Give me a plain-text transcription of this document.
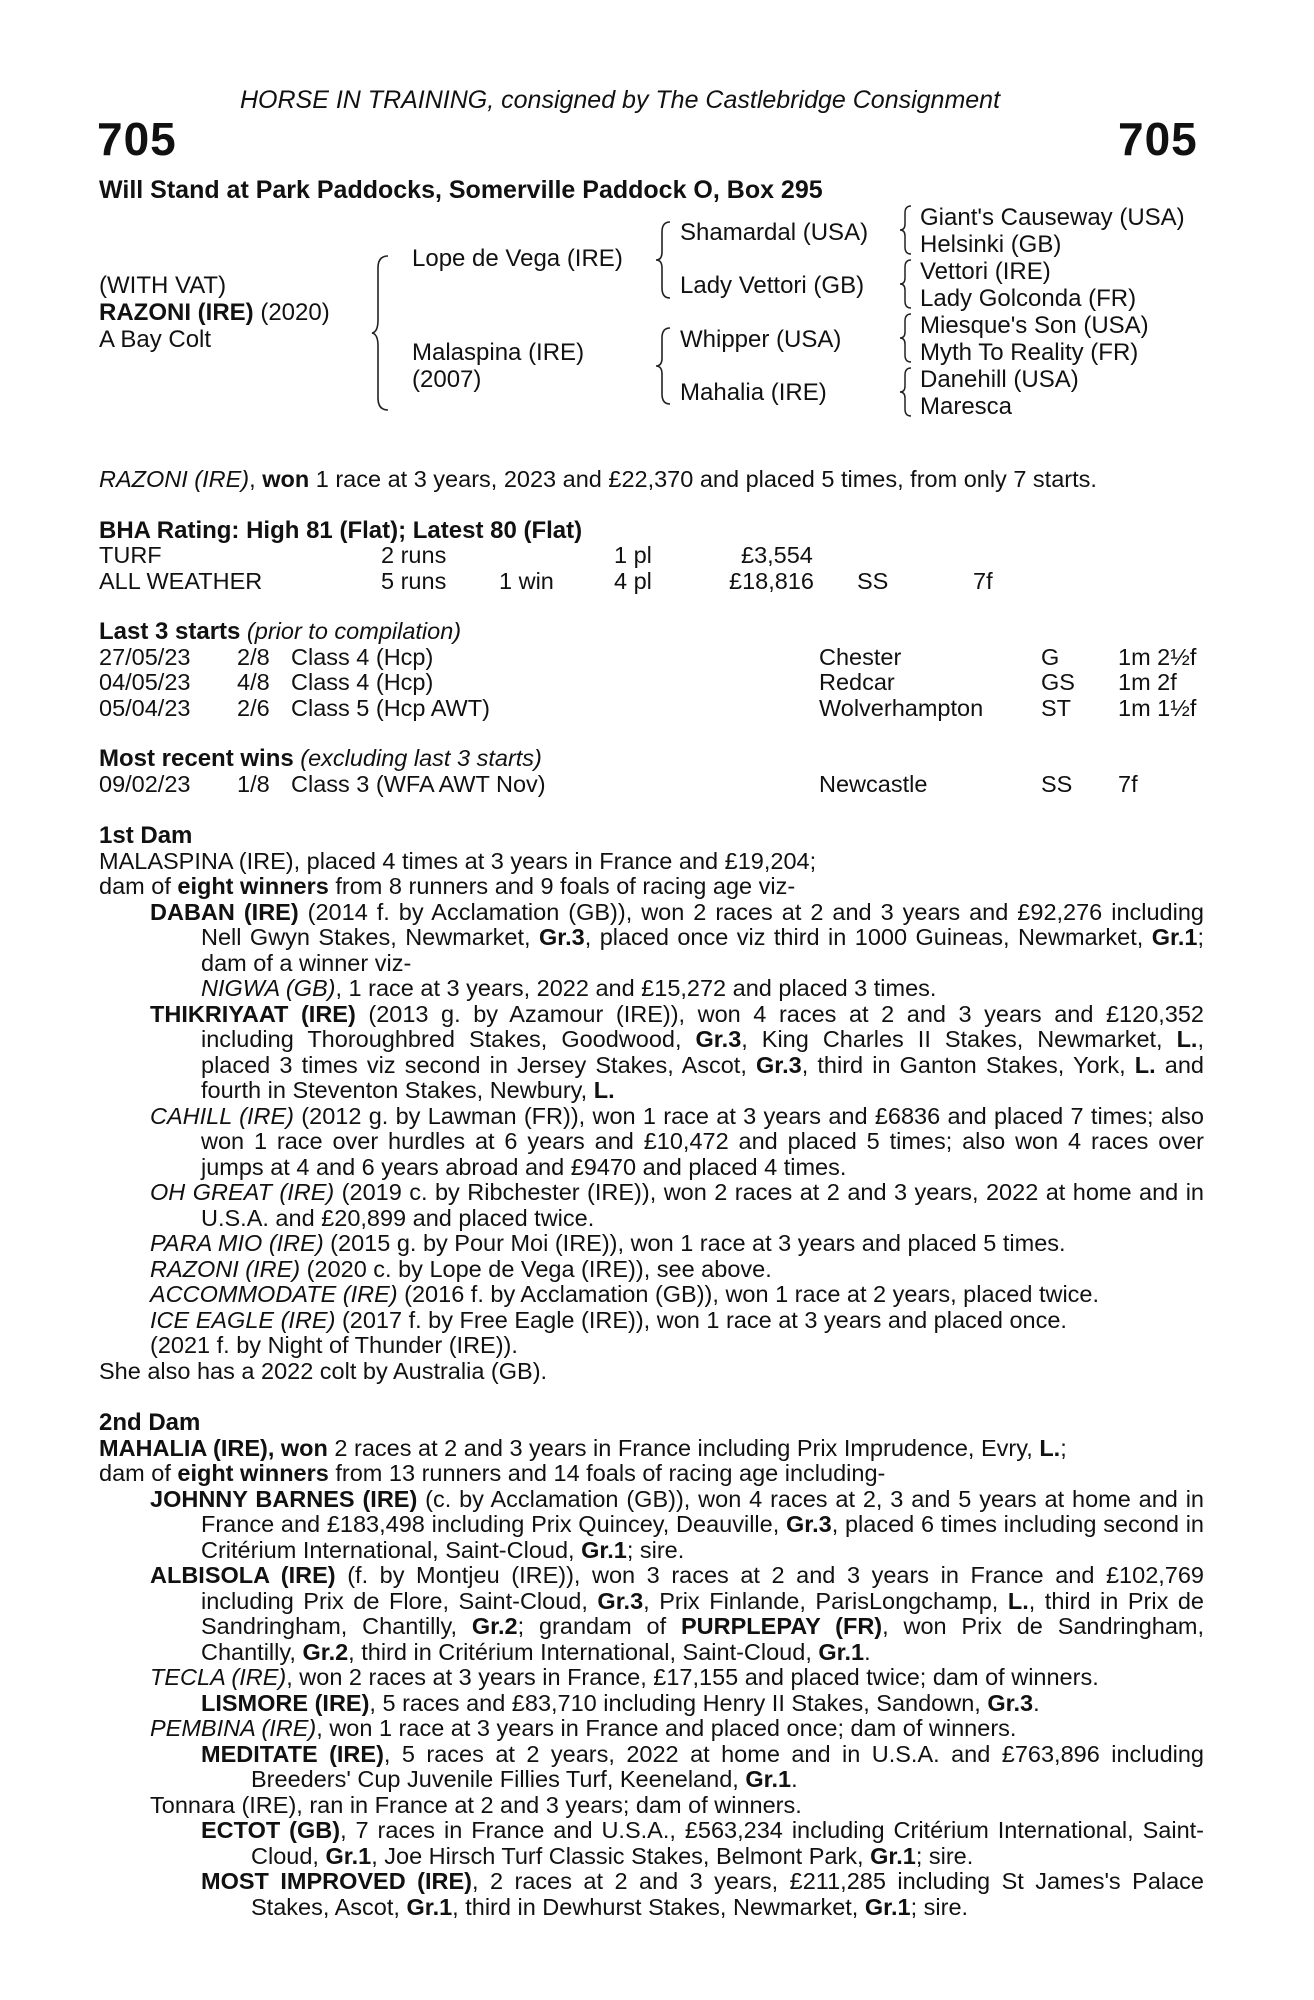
HORSE IN TRAINING, consigned by The Castlebridge Consignment
705	705
Will Stand at Park Paddocks, Somerville Paddock O, Box 295
(WITH VAT)
RAZONI (IRE) (2020)
A Bay Colt
Lope de Vega (IRE)
Malaspina (IRE)
(2007)
Shamardal (USA)
Lady Vettori (GB)
Whipper (USA)
Mahalia (IRE)
Giant's Causeway (USA)
Helsinki (GB)
Vettori (IRE)
Lady Golconda (FR)
Miesque's Son (USA)
Myth To Reality (FR)
Danehill (USA)
Maresca
RAZONI (IRE), won 1 race at 3 years, 2023 and £22,370 and placed 5 times, from only 7 starts.
BHA Rating: High 81 (Flat); Latest 80 (Flat)
TURF	2 runs	1 pl	£3,554
ALL WEATHER	5 runs 1 win	4 pl	£18,816 SS	7f
Last 3 starts (prior to compilation)
27/05/23 2/8 Class 4 (Hcp)	Chester	G 1m 2½f
04/05/23 4/8 Class 4 (Hcp)	Redcar	GS 1m 2f
05/04/23 2/6 Class 5 (Hcp AWT)	Wolverhampton ST 1m 1½f
Most recent wins (excluding last 3 starts)
09/02/23 1/8 Class 3 (WFA AWT Nov)	Newcastle	SS 7f
1st Dam
MALASPINA (IRE), placed 4 times at 3 years in France and £19,204;
dam of eight winners from 8 runners and 9 foals of racing age viz-
DABAN (IRE) (2014 f. by Acclamation (GB)), won 2 races at 2 and 3 years and £92,276 including Nell Gwyn Stakes, Newmarket, Gr.3, placed once viz third in 1000 Guineas, Newmarket, Gr.1; dam of a winner viz-
NIGWA (GB), 1 race at 3 years, 2022 and £15,272 and placed 3 times.
THIKRIYAAT (IRE) (2013 g. by Azamour (IRE)), won 4 races at 2 and 3 years and £120,352 including Thoroughbred Stakes, Goodwood, Gr.3, King Charles II Stakes, Newmarket, L., placed 3 times viz second in Jersey Stakes, Ascot, Gr.3, third in Ganton Stakes, York, L. and fourth in Steventon Stakes, Newbury, L.
CAHILL (IRE) (2012 g. by Lawman (FR)), won 1 race at 3 years and £6836 and placed 7 times; also won 1 race over hurdles at 6 years and £10,472 and placed 5 times; also won 4 races over jumps at 4 and 6 years abroad and £9470 and placed 4 times.
OH GREAT (IRE) (2019 c. by Ribchester (IRE)), won 2 races at 2 and 3 years, 2022 at home and in U.S.A. and £20,899 and placed twice.
PARA MIO (IRE) (2015 g. by Pour Moi (IRE)), won 1 race at 3 years and placed 5 times.
RAZONI (IRE) (2020 c. by Lope de Vega (IRE)), see above.
ACCOMMODATE (IRE) (2016 f. by Acclamation (GB)), won 1 race at 2 years, placed twice.
ICE EAGLE (IRE) (2017 f. by Free Eagle (IRE)), won 1 race at 3 years and placed once.
(2021 f. by Night of Thunder (IRE)).
She also has a 2022 colt by Australia (GB).
2nd Dam
MAHALIA (IRE), won 2 races at 2 and 3 years in France including Prix Imprudence, Evry, L.;
dam of eight winners from 13 runners and 14 foals of racing age including-
JOHNNY BARNES (IRE) (c. by Acclamation (GB)), won 4 races at 2, 3 and 5 years at home and in France and £183,498 including Prix Quincey, Deauville, Gr.3, placed 6 times including second in Critérium International, Saint-Cloud, Gr.1; sire.
ALBISOLA (IRE) (f. by Montjeu (IRE)), won 3 races at 2 and 3 years in France and £102,769 including Prix de Flore, Saint-Cloud, Gr.3, Prix Finlande, ParisLongchamp, L., third in Prix de Sandringham, Chantilly, Gr.2; grandam of PURPLEPAY (FR), won Prix de Sandringham, Chantilly, Gr.2, third in Critérium International, Saint-Cloud, Gr.1.
TECLA (IRE), won 2 races at 3 years in France, £17,155 and placed twice; dam of winners.
LISMORE (IRE), 5 races and £83,710 including Henry II Stakes, Sandown, Gr.3.
PEMBINA (IRE), won 1 race at 3 years in France and placed once; dam of winners.
MEDITATE (IRE), 5 races at 2 years, 2022 at home and in U.S.A. and £763,896 including Breeders' Cup Juvenile Fillies Turf, Keeneland, Gr.1.
Tonnara (IRE), ran in France at 2 and 3 years; dam of winners.
ECTOT (GB), 7 races in France and U.S.A., £563,234 including Critérium International, Saint-Cloud, Gr.1, Joe Hirsch Turf Classic Stakes, Belmont Park, Gr.1; sire.
MOST IMPROVED (IRE), 2 races at 2 and 3 years, £211,285 including St James's Palace Stakes, Ascot, Gr.1, third in Dewhurst Stakes, Newmarket, Gr.1; sire.
